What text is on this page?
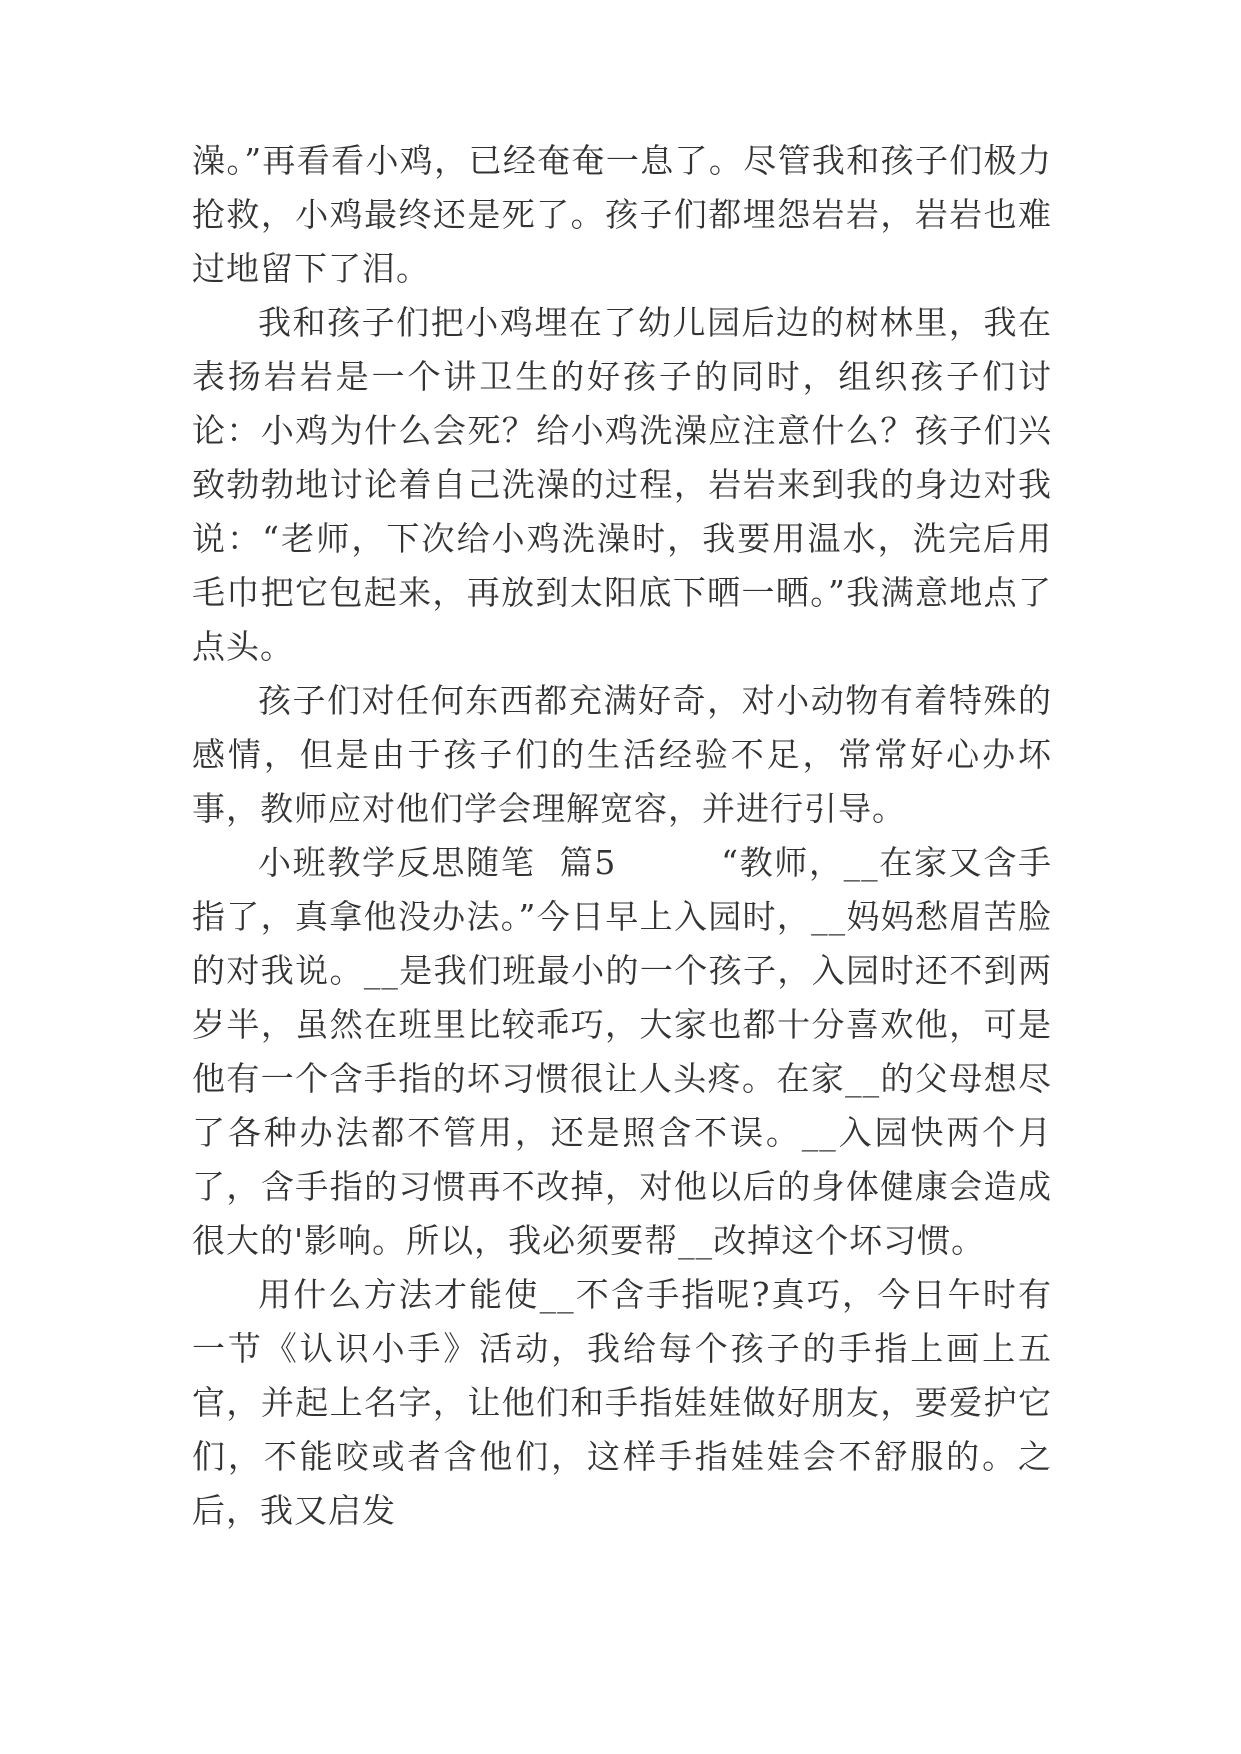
澡。”再看看小鸡，已经奄奄一息了。尽管我和孩子们极力抢救，小鸡最终还是死了。孩子们都埋怨岩岩，岩岩也难过地留下了泪。

我和孩子们把小鸡埋在了幼儿园后边的树林里，我在表扬岩岩是一个讲卫生的好孩子的同时，组织孩子们讨论：小鸡为什么会死？给小鸡洗澡应注意什么？孩子们兴致勃勃地讨论着自己洗澡的过程，岩岩来到我的身边对我说：“老师，下次给小鸡洗澡时，我要用温水，洗完后用毛巾把它包起来，再放到太阳底下晒一晒。”我满意地点了点头。

孩子们对任何东西都充满好奇，对小动物有着特殊的感情，但是由于孩子们的生活经验不足，常常好心办坏事，教师应对他们学会理解宽容，并进行引导。

小班教学反思随笔  篇5　　　	“教师，__在家又含手指了，真拿他没办法。”今日早上入园时，__妈妈愁眉苦脸的对我说。__是我们班最小的一个孩子，入园时还不到两岁半，虽然在班里比较乖巧，大家也都十分喜欢他，可是他有一个含手指的坏习惯很让人头疼。在家__的父母想尽了各种办法都不管用，还是照含不误。__入园快两个月了，含手指的习惯再不改掉，对他以后的身体健康会造成很大的'影响。所以，我必须要帮__改掉这个坏习惯。

用什么方法才能使__不含手指呢?真巧，今日午时有一节《认识小手》活动，我给每个孩子的手指上画上五官，并起上名字，让他们和手指娃娃做好朋友，要爱护它们，不能咬或者含他们，这样手指娃娃会不舒服的。之后，我又启发
